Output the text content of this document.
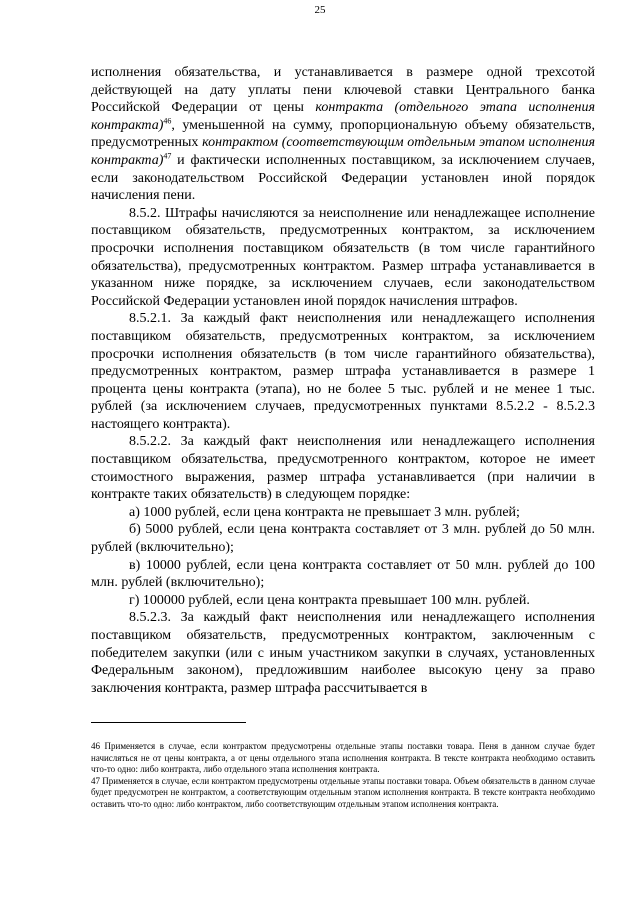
25

исполнения обязательства, и устанавливается в размере одной трехсотой действующей на дату уплаты пени ключевой ставки Центрального банка Российской Федерации от цены контракта (отдельного этапа исполнения контракта)$^{46}$, уменьшенной на сумму, пропорциональную объему обязательств, предусмотренных контрактом (соответствующим отдельным этапом исполнения контракта)$^{47}$ и фактически исполненных поставщиком, за исключением случаев, если законодательством Российской Федерации установлен иной порядок начисления пени.

8.5.2. Штрафы начисляются за неисполнение или ненадлежащее исполнение поставщиком обязательств, предусмотренных контрактом, за исключением просрочки исполнения поставщиком обязательств (в том числе гарантийного обязательства), предусмотренных контрактом. Размер штрафа устанавливается в указанном ниже порядке, за исключением случаев, если законодательством Российской Федерации установлен иной порядок начисления штрафов.

8.5.2.1. За каждый факт неисполнения или ненадлежащего исполнения поставщиком обязательств, предусмотренных контрактом, за исключением просрочки исполнения обязательств (в том числе гарантийного обязательства), предусмотренных контрактом, размер штрафа устанавливается в размере 1 процента цены контракта (этапа), но не более 5 тыс. рублей и не менее 1 тыс. рублей (за исключением случаев, предусмотренных пунктами 8.5.2.2 - 8.5.2.3 настоящего контракта).

8.5.2.2. За каждый факт неисполнения или ненадлежащего исполнения поставщиком обязательства, предусмотренного контрактом, которое не имеет стоимостного выражения, размер штрафа устанавливается (при наличии в контракте таких обязательств) в следующем порядке:

а) 1000 рублей, если цена контракта не превышает 3 млн. рублей;

б) 5000 рублей, если цена контракта составляет от 3 млн. рублей до 50 млн. рублей (включительно);

в) 10000 рублей, если цена контракта составляет от 50 млн. рублей до 100 млн. рублей (включительно);

г) 100000 рублей, если цена контракта превышает 100 млн. рублей.

8.5.2.3. За каждый факт неисполнения или ненадлежащего исполнения поставщиком обязательств, предусмотренных контрактом, заключенным с победителем закупки (или с иным участником закупки в случаях, установленных Федеральным законом), предложившим наиболее высокую цену за право заключения контракта, размер штрафа рассчитывается в

46 Применяется в случае, если контрактом предусмотрены отдельные этапы поставки товара. Пеня в данном случае будет начисляться не от цены контракта, а от цены отдельного этапа исполнения контракта. В тексте контракта необходимо оставить что-то одно: либо контракта, либо отдельного этапа исполнения контракта.

47 Применяется в случае, если контрактом предусмотрены отдельные этапы поставки товара. Объем обязательств в данном случае будет предусмотрен не контрактом, а соответствующим отдельным этапом исполнения контракта. В тексте контракта необходимо оставить что-то одно: либо контрактом, либо соответствующим отдельным этапом исполнения контракта.
